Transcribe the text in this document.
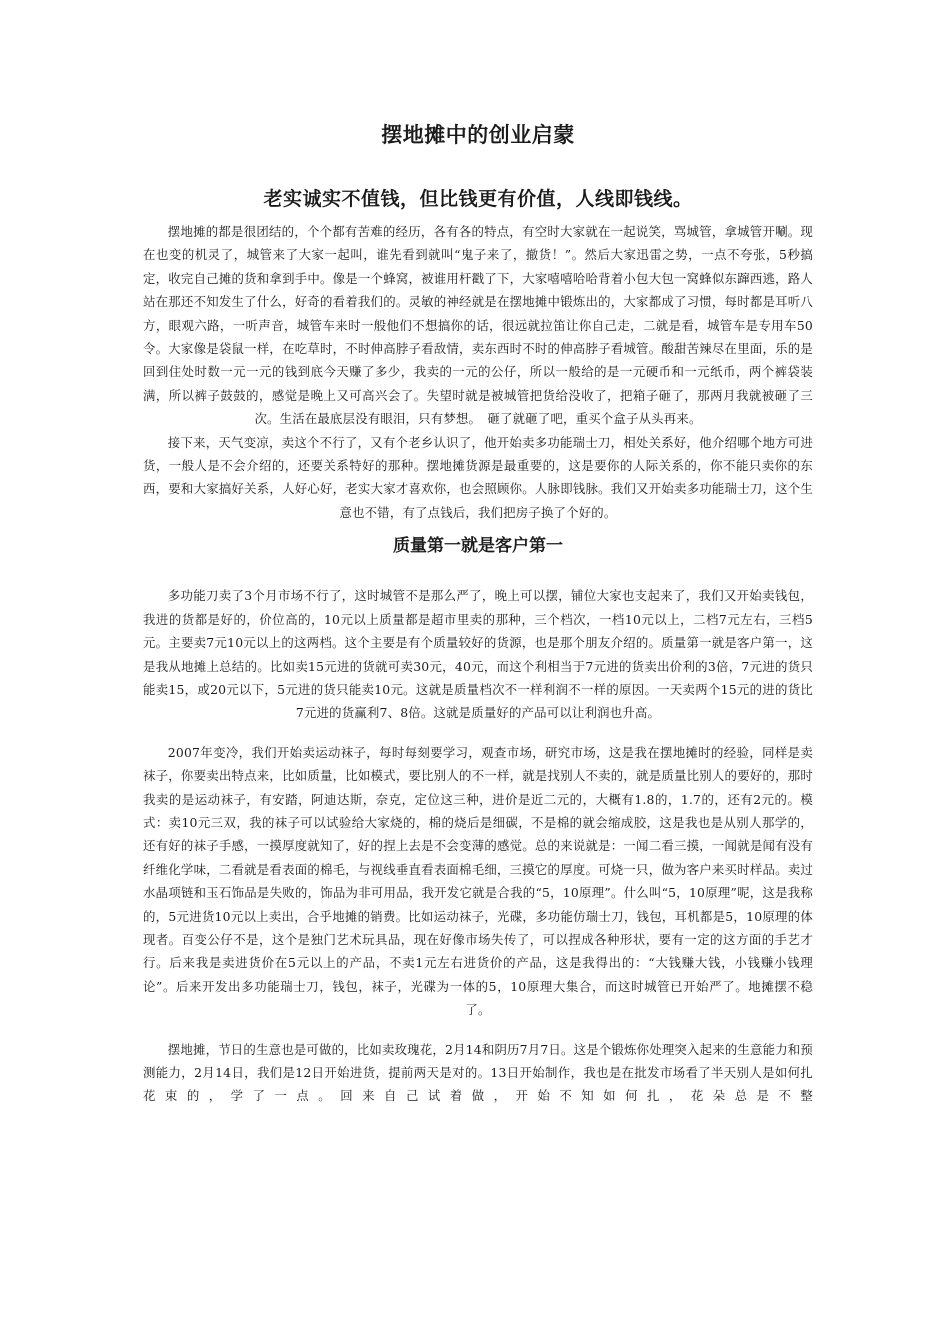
摆地摊中的创业启蒙
老实诚实不值钱，但比钱更有价值，人线即钱线。

摆地摊的都是很团结的，个个都有苦难的经历，各有各的特点，有空时大家就在一起说笑，骂城管，拿城管开唰。现在也变的机灵了，城管来了大家一起叫，谁先看到就叫“鬼子来了，撤货！”。然后大家迅雷之势，一点不夸张，5秒搞定，收完自己摊的货和拿到手中。像是一个蜂窝，被谁用杆戳了下，大家嘻嘻哈哈背着小包大包一窝蜂似东蹿西逃，路人站在那还不知发生了什么，好奇的看着我们的。灵敏的神经就是在摆地摊中锻炼出的，大家都成了习惯，每时都是耳听八方，眼观六路，一听声音，城管车来时一般他们不想搞你的话，很远就拉笛让你自己走，二就是看，城管车是专用车50令。大家像是袋鼠一样，在吃草时，不时伸高脖子看敌情，卖东西时不时的伸高脖子看城管。酸甜苦辣尽在里面，乐的是回到住处时数一元一元的钱到底今天赚了多少，我卖的一元的公仔，所以一般给的是一元硬币和一元纸币，两个裤袋装满，所以裤子鼓鼓的，感觉是晚上又可高兴会了。失望时就是被城管把货给没收了，把箱子砸了，那两月我就被砸了三次。生活在最底层没有眼泪，只有梦想。　砸了就砸了吧，重买个盒子从头再来。

接下来，天气变凉，卖这个不行了，又有个老乡认识了，他开始卖多功能瑞士刀，相处关系好，他介绍哪个地方可进货，一般人是不会介绍的，还要关系特好的那种。摆地摊货源是最重要的，这是要你的人际关系的，你不能只卖你的东西，要和大家搞好关系，人好心好，老实大家才喜欢你，也会照顾你。人脉即钱脉。我们又开始卖多功能瑞士刀，这个生意也不错，有了点钱后，我们把房子换了个好的。

质量第一就是客户第一

多功能刀卖了3个月市场不行了，这时城管不是那么严了，晚上可以摆，铺位大家也支起来了，我们又开始卖钱包，我进的货都是好的，价位高的，10元以上质量都是超市里卖的那种，三个档次，一档10元以上，二档7元左右，三档5元。主要卖7元10元以上的这两档。这个主要是有个质量较好的货源，也是那个朋友介绍的。质量第一就是客户第一，这是我从地摊上总结的。比如卖15元进的货就可卖30元，40元，而这个利相当于7元进的货卖出价利的3倍，7元进的货只能卖15，或20元以下，5元进的货只能卖10元。这就是质量档次不一样利润不一样的原因。一天卖两个15元的进的货比7元进的货赢利7、8倍。这就是质量好的产品可以让利润也升高。

2007年变冷，我们开始卖运动袜子，每时每刻要学习，观查市场，研究市场，这是我在摆地摊时的经验，同样是卖袜子，你要卖出特点来，比如质量，比如模式，要比别人的不一样，就是找别人不卖的，就是质量比别人的要好的，那时我卖的是运动袜子，有安踏，阿迪达斯，奈克，定位这三种，进价是近二元的，大概有1.8的，1.7的，还有2元的。模式：卖10元三双，我的袜子可以试验给大家烧的，棉的烧后是细碳，不是棉的就会缩成胶，这是我也是从别人那学的，还有好的袜子手感，一摸厚度就知了，好的捏上去是不会变薄的感觉。总的来说就是：一闻二看三摸，一闻就是闻有没有纤维化学味，二看就是看表面的棉毛，与视线垂直看表面棉毛细，三摸它的厚度。可烧一只，做为客户来买时样品。卖过水晶项链和玉石饰品是失败的，饰品为非可用品，我开发它就是合我的“5，10原理”。什么叫“5，10原理”呢，这是我称的，5元进货10元以上卖出，合乎地摊的销费。比如运动袜子，光碟，多功能仿瑞士刀，钱包，耳机都是5，10原理的体现者。百变公仔不是，这个是独门艺术玩具品，现在好像市场失传了，可以捏成各种形状，要有一定的这方面的手艺才行。后来我是卖进货价在5元以上的产品，不卖1元左右进货价的产品，这是我得出的：“大钱赚大钱，小钱赚小钱理论”。后来开发出多功能瑞士刀，钱包，袜子，光碟为一体的5，10原理大集合，而这时城管已开始严了。地摊摆不稳了。

摆地摊，节日的生意也是可做的，比如卖玫瑰花，2月14和阴历7月7日。这是个锻炼你处理突入起来的生意能力和预测能力，2月14日，我们是12日开始进货，提前两天是对的。13日开始制作，我也是在批发市场看了半天别人是如何扎花束的，学了一点。回来自己试着做，开始不知如何扎，花朵总是不整
